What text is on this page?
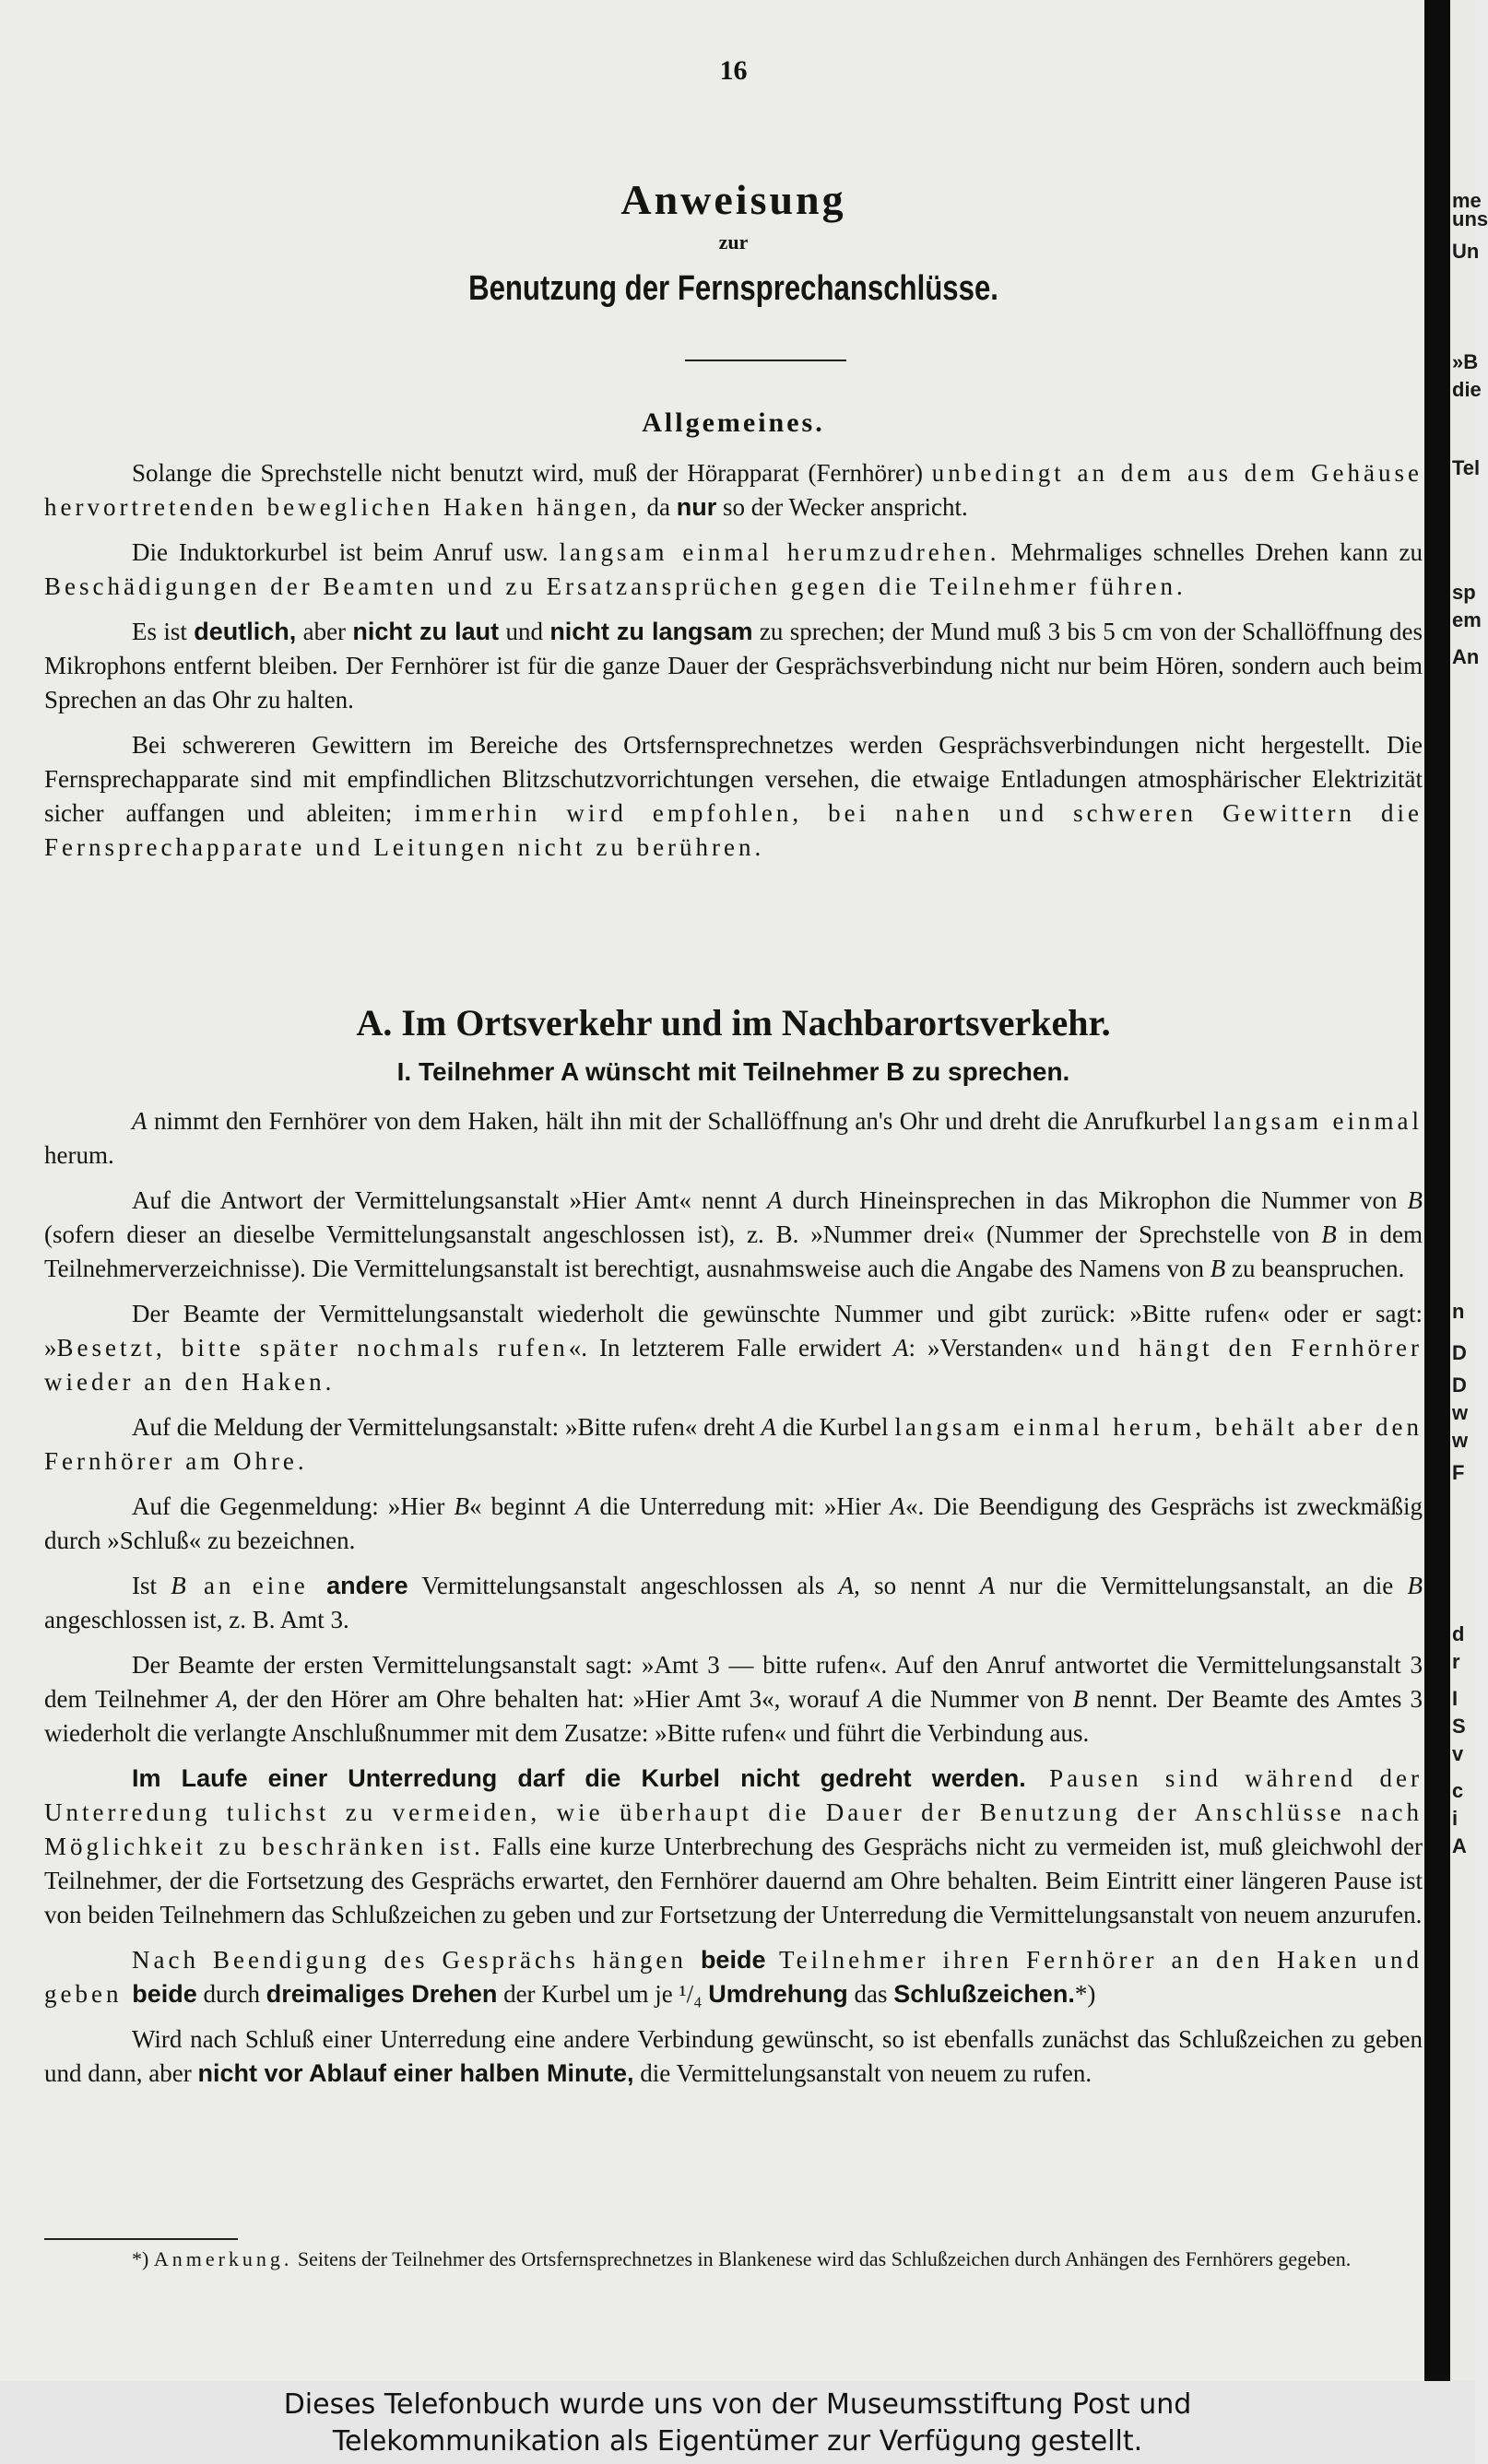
16
Anweisung
zur
Benutzung der Fernsprechanschlüsse.
Allgemeines.

Solange die Sprechstelle nicht benutzt wird, muß der Hörapparat (Fernhörer) unbedingt an dem aus dem Gehäuse hervortretenden beweglichen Haken hängen, da nur so der Wecker anspricht.

Die Induktorkurbel ist beim Anruf usw. langsam einmal herumzudrehen. Mehrmaliges schnelles Drehen kann zu Beschädigungen der Beamten und zu Ersatzansprüchen gegen die Teilnehmer führen.

Es ist deutlich, aber nicht zu laut und nicht zu langsam zu sprechen; der Mund muß 3 bis 5 cm von der Schallöffnung des Mikrophons entfernt bleiben. Der Fernhörer ist für die ganze Dauer der Gesprächsverbindung nicht nur beim Hören, sondern auch beim Sprechen an das Ohr zu halten.

Bei schwereren Gewittern im Bereiche des Ortsfernsprechnetzes werden Gesprächsverbindungen nicht hergestellt. Die Fernsprechapparate sind mit empfindlichen Blitzschutzvorrichtungen versehen, die etwaige Entladungen atmosphärischer Elektrizität sicher auffangen und ableiten; immerhin wird empfohlen, bei nahen und schweren Gewittern die Fernsprechapparate und Leitungen nicht zu berühren.

A. Im Ortsverkehr und im Nachbarortsverkehr.
I. Teilnehmer A wünscht mit Teilnehmer B zu sprechen.

A nimmt den Fernhörer von dem Haken, hält ihn mit der Schallöffnung an's Ohr und dreht die Anrufkurbel langsam einmal herum.

Auf die Antwort der Vermittelungsanstalt »Hier Amt« nennt A durch Hineinsprechen in das Mikrophon die Nummer von B (sofern dieser an dieselbe Vermittelungsanstalt angeschlossen ist), z. B. »Nummer drei« (Nummer der Sprechstelle von B in dem Teilnehmerverzeichnisse). Die Vermittelungsanstalt ist berechtigt, ausnahmsweise auch die Angabe des Namens von B zu beanspruchen.

Der Beamte der Vermittelungsanstalt wiederholt die gewünschte Nummer und gibt zurück: »Bitte rufen« oder er sagt: »Besetzt, bitte später nochmals rufen«. In letzterem Falle erwidert A: »Verstanden« und hängt den Fernhörer wieder an den Haken.

Auf die Meldung der Vermittelungsanstalt: »Bitte rufen« dreht A die Kurbel langsam einmal herum, behält aber den Fernhörer am Ohre.

Auf die Gegenmeldung: »Hier B« beginnt A die Unterredung mit: »Hier A«. Die Beendigung des Gesprächs ist zweckmäßig durch »Schluß« zu bezeichnen.

Ist B an eine andere Vermittelungsanstalt angeschlossen als A, so nennt A nur die Vermittelungsanstalt, an die B angeschlossen ist, z. B. Amt 3.

Der Beamte der ersten Vermittelungsanstalt sagt: »Amt 3 — bitte rufen«. Auf den Anruf antwortet die Vermittelungsanstalt 3 dem Teilnehmer A, der den Hörer am Ohre behalten hat: »Hier Amt 3«, worauf A die Nummer von B nennt. Der Beamte des Amtes 3 wiederholt die verlangte Anschlußnummer mit dem Zusatze: »Bitte rufen« und führt die Verbindung aus.

Im Laufe einer Unterredung darf die Kurbel nicht gedreht werden. Pausen sind während der Unterredung tulichst zu vermeiden, wie überhaupt die Dauer der Benutzung der Anschlüsse nach Möglichkeit zu beschränken ist. Falls eine kurze Unterbrechung des Gesprächs nicht zu vermeiden ist, muß gleichwohl der Teilnehmer, der die Fortsetzung des Gesprächs erwartet, den Fernhörer dauernd am Ohre behalten. Beim Eintritt einer längeren Pause ist von beiden Teilnehmern das Schlußzeichen zu geben und zur Fortsetzung der Unterredung die Vermittelungsanstalt von neuem anzurufen.

Nach Beendigung des Gesprächs hängen beide Teilnehmer ihren Fernhörer an den Haken und geben beide durch dreimaliges Drehen der Kurbel um je ¹/₄ Umdrehung das Schlußzeichen.*)

Wird nach Schluß einer Unterredung eine andere Verbindung gewünscht, so ist ebenfalls zunächst das Schlußzeichen zu geben und dann, aber nicht vor Ablauf einer halben Minute, die Vermittelungsanstalt von neuem zu rufen.

*) Anmerkung. Seitens der Teilnehmer des Ortsfernsprechnetzes in Blankenese wird das Schlußzeichen durch Anhängen des Fernhörers gegeben.
me
uns
Un
»B
die
Tel
sp
em
An
n
D
D
w
w
F
d
r
I
S
v
c
i
A
Dieses Telefonbuch wurde uns von der Museumsstiftung Post und
Telekommunikation als Eigentümer zur Verfügung gestellt.
